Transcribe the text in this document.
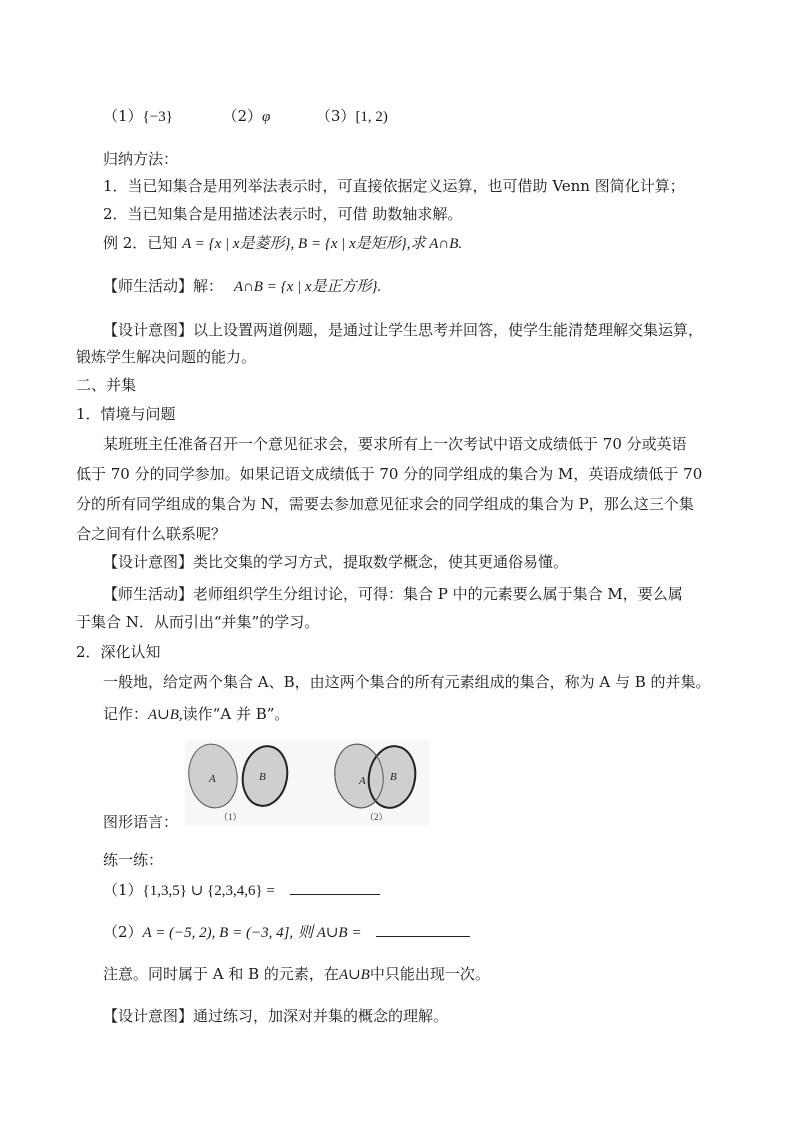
（1）{−3}	（2）φ	（3）[1, 2)
归纳方法：
1．当已知集合是用列举法表示时，可直接依据定义运算，也可借助 Venn 图简化计算；
2．当已知集合是用描述法表示时，可借 助数轴求解。
例 2．已知 A = {x | x是菱形}, B = {x | x是矩形},求 A∩B.
【师生活动】解： A∩B = {x | x是正方形}.
【设计意图】以上设置两道例题，是通过让学生思考并回答，使学生能清楚理解交集运算，
锻炼学生解决问题的能力。
二、并集
1．情境与问题
某班班主任准备召开一个意见征求会，要求所有上一次考试中语文成绩低于 70 分或英语
低于 70 分的同学参加。如果记语文成绩低于 70 分的同学组成的集合为 M，英语成绩低于 70
分的所有同学组成的集合为 N，需要去参加意见征求会的同学组成的集合为 P，那么这三个集
合之间有什么联系呢？
【设计意图】类比交集的学习方式，提取数学概念，使其更通俗易懂。
【师生活动】老师组织学生分组讨论，可得：集合 P 中的元素要么属于集合 M，要么属
于集合 N．从而引出“并集”的学习。
2．深化认知
一般地，给定两个集合 A、B，由这两个集合的所有元素组成的集合，称为 A 与 B 的并集。
记作：A∪B,读作“A 并 B”。
图形语言：
A	B
（1）
A B
（2）
练一练：
（1）{1,3,5} ∪ {2,3,4,6} =
（2）A = (−5, 2), B = (−3, 4], 则 A∪B =
注意。同时属于 A 和 B 的元素，在A∪B中只能出现一次。
【设计意图】通过练习，加深对并集的概念的理解。
